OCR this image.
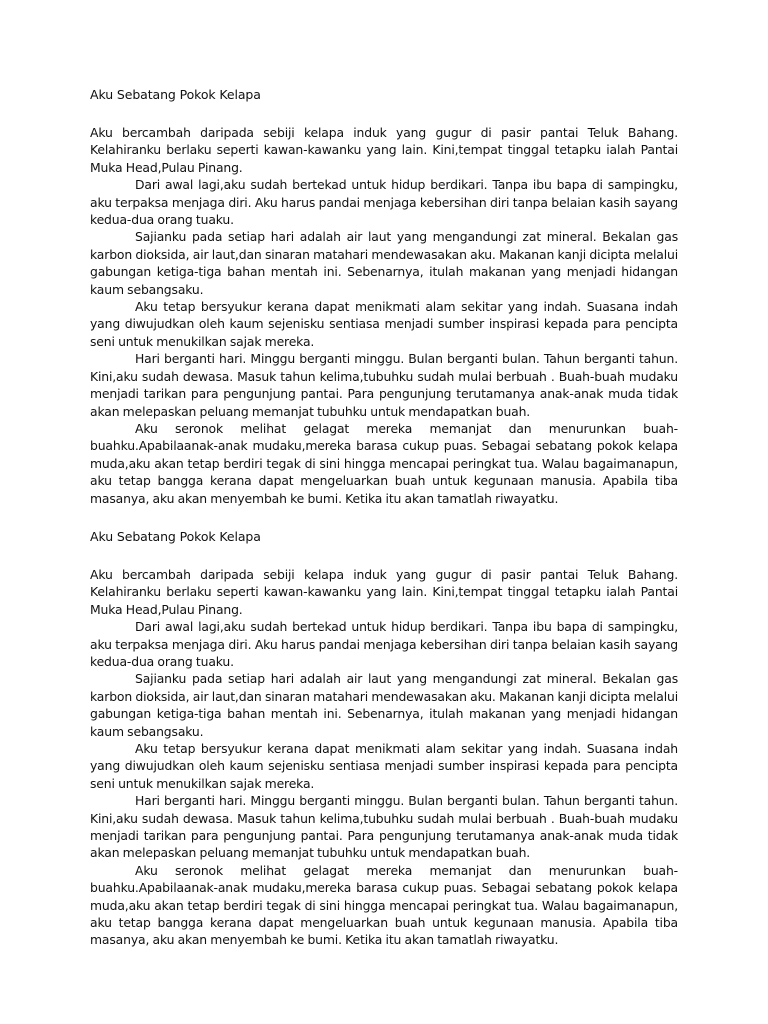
Aku Sebatang Pokok Kelapa

Aku bercambah daripada sebiji kelapa induk yang gugur di pasir pantai Teluk Bahang. Kelahiranku berlaku seperti kawan-kawanku yang lain. Kini,tempat tinggal tetapku ialah Pantai Muka Head,Pulau Pinang.

Dari awal lagi,aku sudah bertekad untuk hidup berdikari. Tanpa ibu bapa di sampingku, aku terpaksa menjaga diri. Aku harus pandai menjaga kebersihan diri tanpa belaian kasih sayang kedua-dua orang tuaku.

Sajianku pada setiap hari adalah air laut yang mengandungi zat mineral. Bekalan gas karbon dioksida, air laut,dan sinaran matahari mendewasakan aku. Makanan kanji dicipta melalui gabungan ketiga-tiga bahan mentah ini. Sebenarnya, itulah makanan yang menjadi hidangan kaum sebangsaku.

Aku tetap bersyukur kerana dapat menikmati alam sekitar yang indah. Suasana indah yang diwujudkan oleh kaum sejenisku sentiasa menjadi sumber inspirasi kepada para pencipta seni untuk menukilkan sajak mereka.

Hari berganti hari. Minggu berganti minggu. Bulan berganti bulan. Tahun berganti tahun. Kini,aku sudah dewasa. Masuk tahun kelima,tubuhku sudah mulai berbuah . Buah-buah mudaku menjadi tarikan para pengunjung pantai. Para pengunjung terutamanya anak-anak muda tidak akan melepaskan peluang memanjat tubuhku untuk mendapatkan buah.

Aku seronok melihat gelagat mereka memanjat dan menurunkan buah-buahku.Apabilaanak-anak mudaku,mereka barasa cukup puas. Sebagai sebatang pokok kelapa muda,aku akan tetap berdiri tegak di sini hingga mencapai peringkat tua. Walau bagaimanapun, aku tetap bangga kerana dapat mengeluarkan buah untuk kegunaan manusia. Apabila tiba masanya, aku akan menyembah ke bumi. Ketika itu akan tamatlah riwayatku.

Aku Sebatang Pokok Kelapa

Aku bercambah daripada sebiji kelapa induk yang gugur di pasir pantai Teluk Bahang. Kelahiranku berlaku seperti kawan-kawanku yang lain. Kini,tempat tinggal tetapku ialah Pantai Muka Head,Pulau Pinang.

Dari awal lagi,aku sudah bertekad untuk hidup berdikari. Tanpa ibu bapa di sampingku, aku terpaksa menjaga diri. Aku harus pandai menjaga kebersihan diri tanpa belaian kasih sayang kedua-dua orang tuaku.

Sajianku pada setiap hari adalah air laut yang mengandungi zat mineral. Bekalan gas karbon dioksida, air laut,dan sinaran matahari mendewasakan aku. Makanan kanji dicipta melalui gabungan ketiga-tiga bahan mentah ini. Sebenarnya, itulah makanan yang menjadi hidangan kaum sebangsaku.

Aku tetap bersyukur kerana dapat menikmati alam sekitar yang indah. Suasana indah yang diwujudkan oleh kaum sejenisku sentiasa menjadi sumber inspirasi kepada para pencipta seni untuk menukilkan sajak mereka.

Hari berganti hari. Minggu berganti minggu. Bulan berganti bulan. Tahun berganti tahun. Kini,aku sudah dewasa. Masuk tahun kelima,tubuhku sudah mulai berbuah . Buah-buah mudaku menjadi tarikan para pengunjung pantai. Para pengunjung terutamanya anak-anak muda tidak akan melepaskan peluang memanjat tubuhku untuk mendapatkan buah.

Aku seronok melihat gelagat mereka memanjat dan menurunkan buah-buahku.Apabilaanak-anak mudaku,mereka barasa cukup puas. Sebagai sebatang pokok kelapa muda,aku akan tetap berdiri tegak di sini hingga mencapai peringkat tua. Walau bagaimanapun, aku tetap bangga kerana dapat mengeluarkan buah untuk kegunaan manusia. Apabila tiba masanya, aku akan menyembah ke bumi. Ketika itu akan tamatlah riwayatku.
